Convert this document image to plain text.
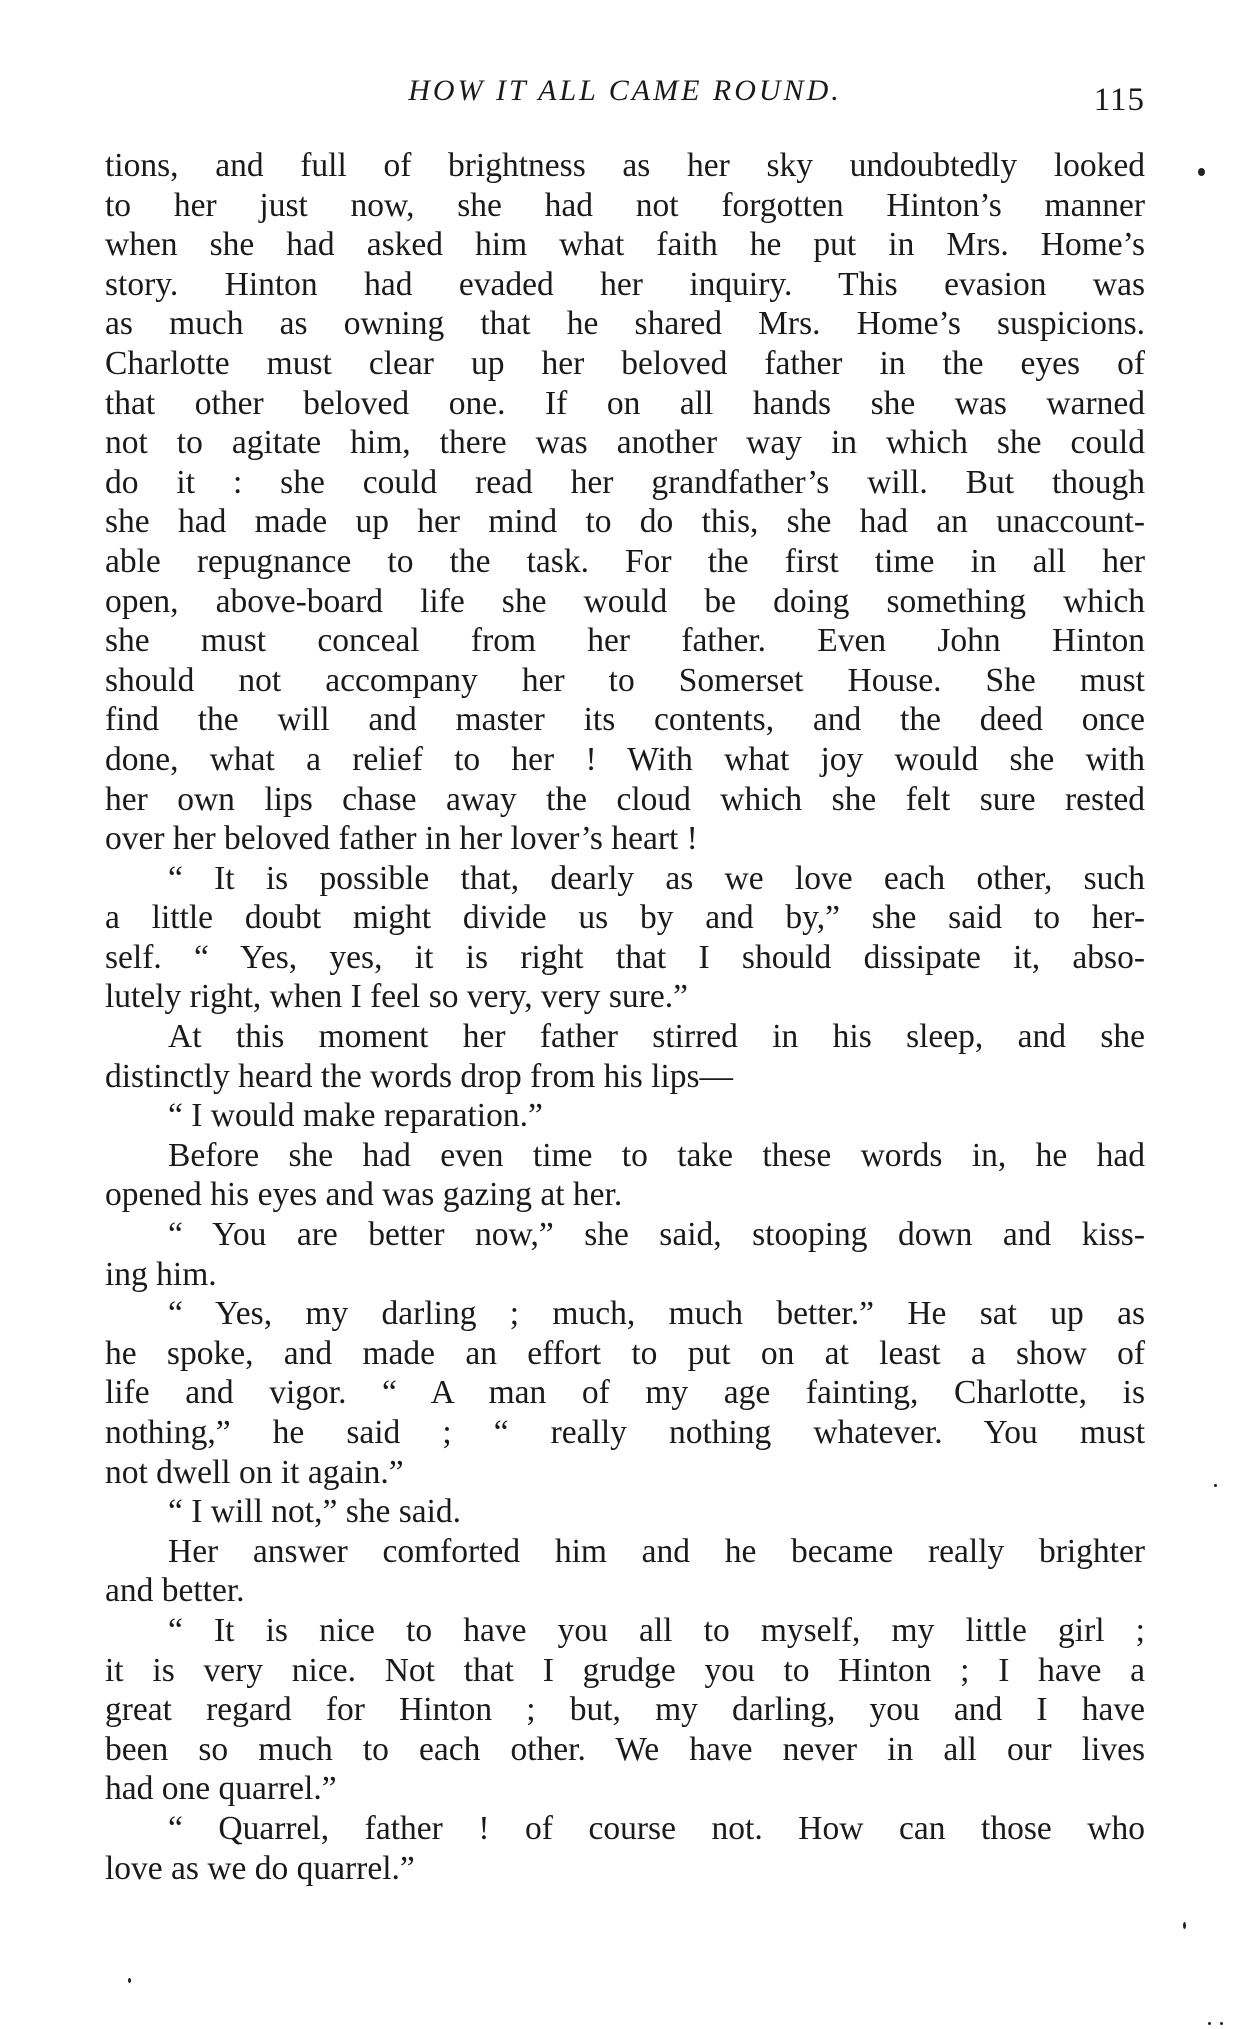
HOW IT ALL CAME ROUND.	115
tions, and full of brightness as her sky undoubtedly looked
to her just now, she had not forgotten Hinton’s manner
when she had asked him what faith he put in Mrs. Home’s
story. Hinton had evaded her inquiry. This evasion was
as much as owning that he shared Mrs. Home’s suspicions.
Charlotte must clear up her beloved father in the eyes of
that other beloved one. If on all hands she was warned
not to agitate him, there was another way in which she could
do it : she could read her grandfather’s will. But though
she had made up her mind to do this, she had an unaccount-
able repugnance to the task. For the first time in all her
open, above-board life she would be doing something which
she must conceal from her father. Even John Hinton
should not accompany her to Somerset House. She must
find the will and master its contents, and the deed once
done, what a relief to her ! With what joy would she with
her own lips chase away the cloud which she felt sure rested
over her beloved father in her lover’s heart !
“ It is possible that, dearly as we love each other, such
a little doubt might divide us by and by,” she said to her-
self. “ Yes, yes, it is right that I should dissipate it, abso-
lutely right, when I feel so very, very sure.”
At this moment her father stirred in his sleep, and she
distinctly heard the words drop from his lips—
“ I would make reparation.”
Before she had even time to take these words in, he had
opened his eyes and was gazing at her.
“ You are better now,” she said, stooping down and kiss-
ing him.
“ Yes, my darling ; much, much better.” He sat up as
he spoke, and made an effort to put on at least a show of
life and vigor. “ A man of my age fainting, Charlotte, is
nothing,” he said ; “ really nothing whatever. You must
not dwell on it again.”
“ I will not,” she said.
Her answer comforted him and he became really brighter
and better.
“ It is nice to have you all to myself, my little girl ;
it is very nice. Not that I grudge you to Hinton ; I have a
great regard for Hinton ; but, my darling, you and I have
been so much to each other. We have never in all our lives
had one quarrel.”
“ Quarrel, father ! of course not. How can those who
love as we do quarrel.”
